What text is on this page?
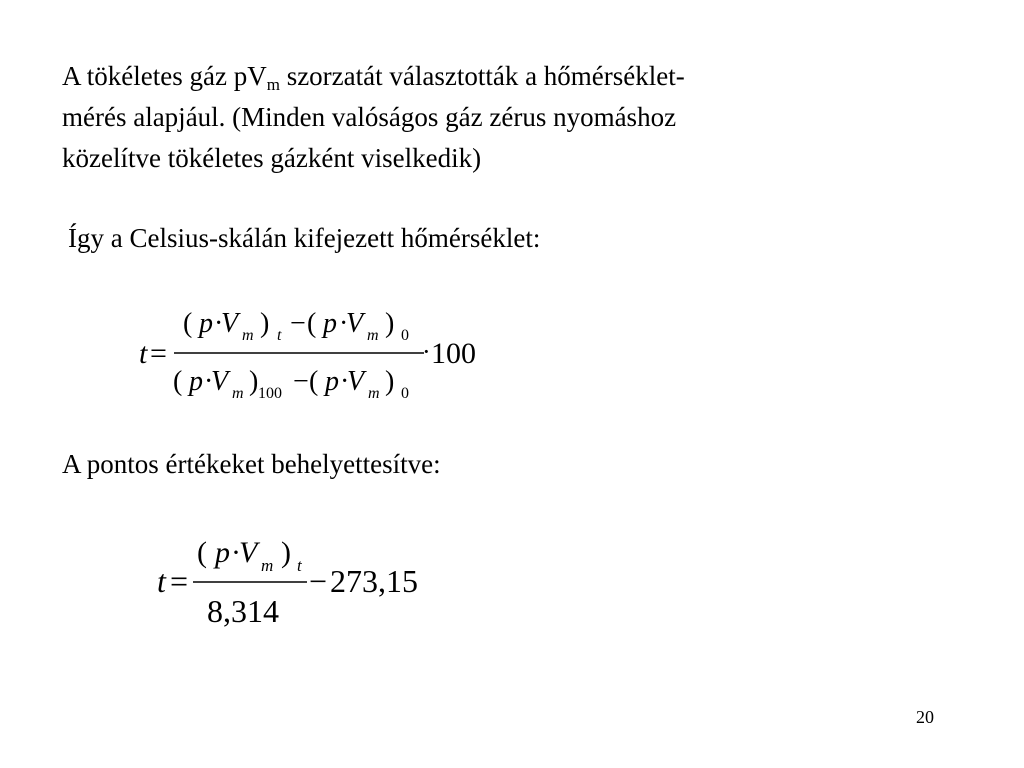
A tökéletes gáz $pV_m$ szorzatát választották a hőmérséklet-
mérés alapjául. (Minden valóságos gáz zérus nyomáshoz
közelítve tökéletes gázként viselkedik)
Így a Celsius-skálán kifejezett hőmérséklet:
( p ·
V m ) t − ( p ·
V m ) 0
t =	· 100
( p ·
V m ) 100 − ( p ·
V m ) 0
A pontos értékeket behelyettesítve:
( p ·
V m ) t
t =	− 273,15
8,314
20
